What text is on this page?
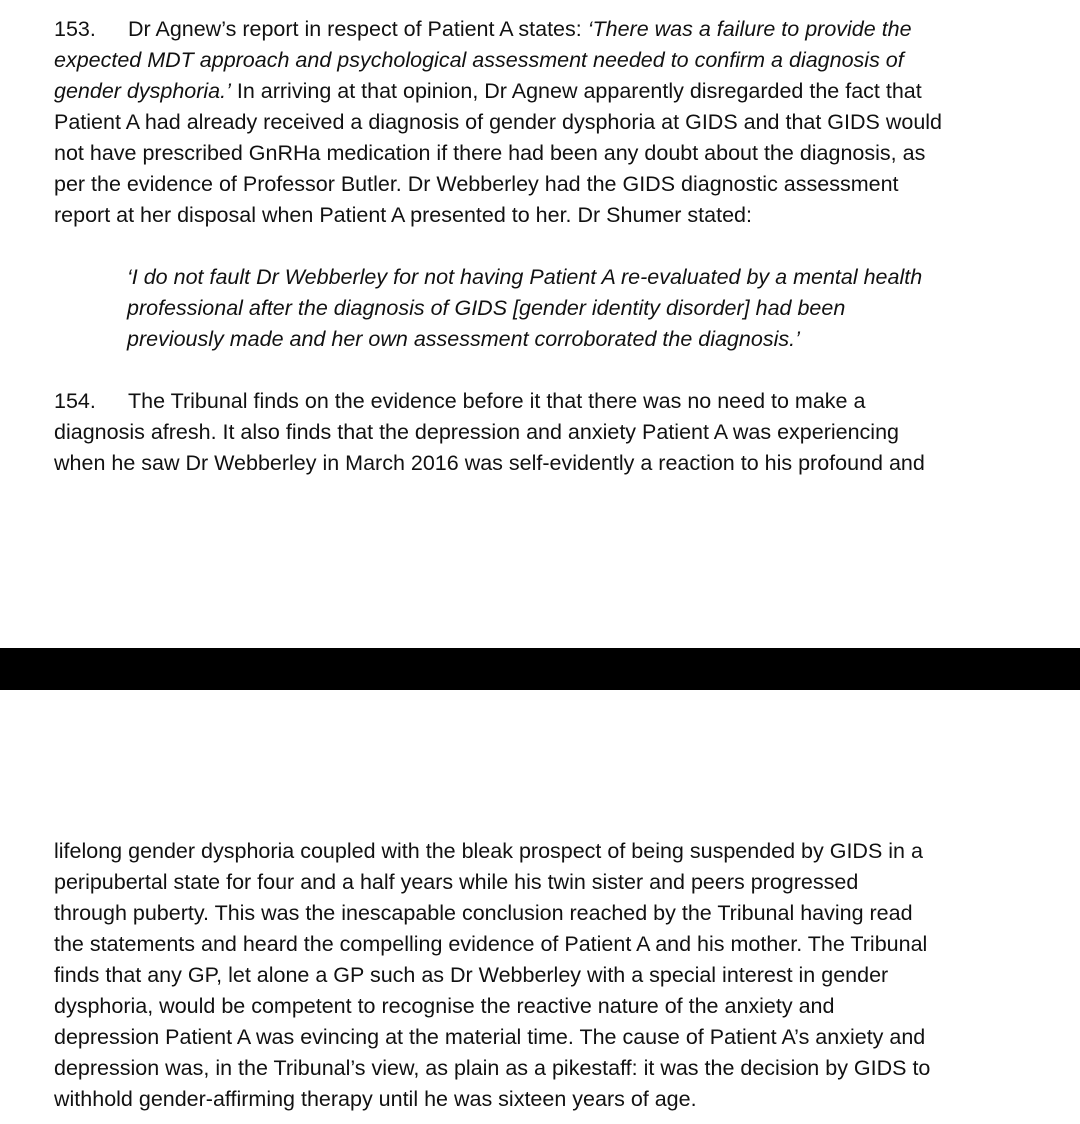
153. Dr Agnew’s report in respect of Patient A states: ‘There was a failure to provide the

expected MDT approach and psychological assessment needed to confirm a diagnosis of

gender dysphoria.’ In arriving at that opinion, Dr Agnew apparently disregarded the fact that

Patient A had already received a diagnosis of gender dysphoria at GIDS and that GIDS would

not have prescribed GnRHa medication if there had been any doubt about the diagnosis, as

per the evidence of Professor Butler. Dr Webberley had the GIDS diagnostic assessment

report at her disposal when Patient A presented to her. Dr Shumer stated:

‘I do not fault Dr Webberley for not having Patient A re-evaluated by a mental health

professional after the diagnosis of GIDS [gender identity disorder] had been

previously made and her own assessment corroborated the diagnosis.’

154. The Tribunal finds on the evidence before it that there was no need to make a

diagnosis afresh. It also finds that the depression and anxiety Patient A was experiencing

when he saw Dr Webberley in March 2016 was self-evidently a reaction to his profound and

lifelong gender dysphoria coupled with the bleak prospect of being suspended by GIDS in a

peripubertal state for four and a half years while his twin sister and peers progressed

through puberty. This was the inescapable conclusion reached by the Tribunal having read

the statements and heard the compelling evidence of Patient A and his mother. The Tribunal

finds that any GP, let alone a GP such as Dr Webberley with a special interest in gender

dysphoria, would be competent to recognise the reactive nature of the anxiety and

depression Patient A was evincing at the material time. The cause of Patient A’s anxiety and

depression was, in the Tribunal’s view, as plain as a pikestaff: it was the decision by GIDS to

withhold gender-affirming therapy until he was sixteen years of age.
